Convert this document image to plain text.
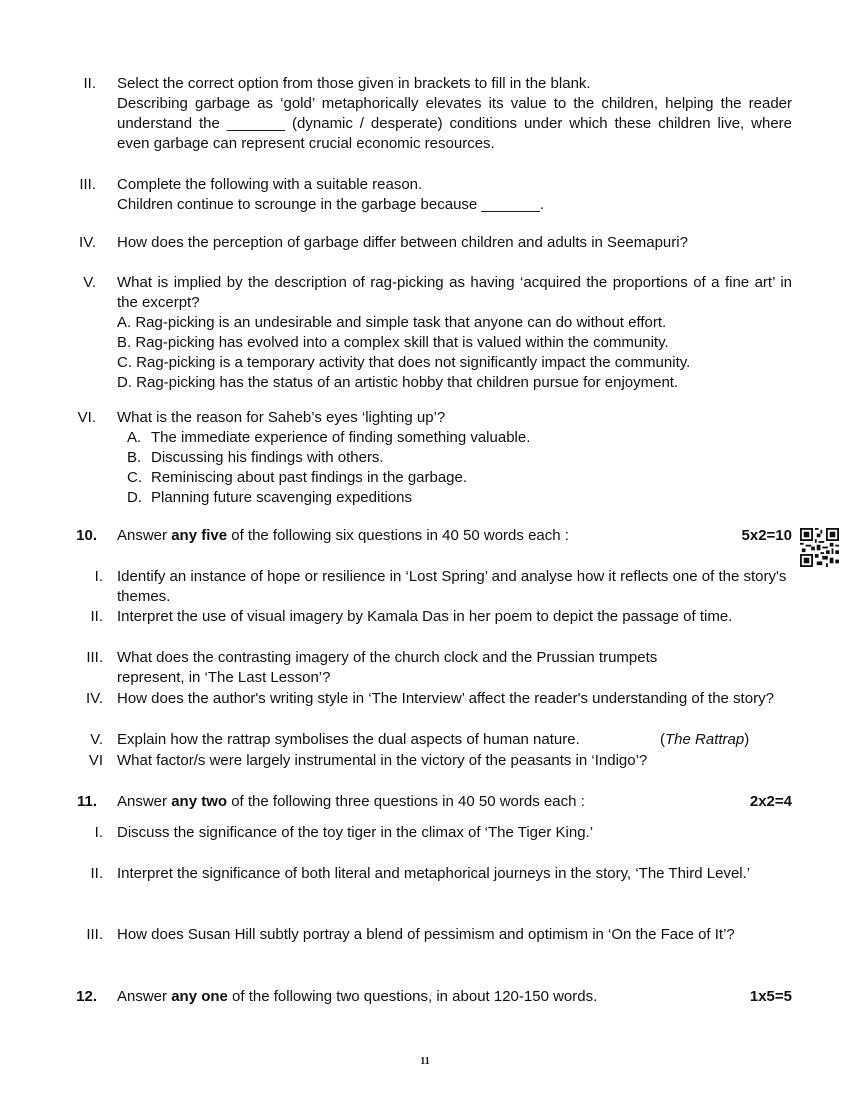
II. Select the correct option from those given in brackets to fill in the blank.
Describing garbage as ‘gold’ metaphorically elevates its value to the children, helping the reader understand the _______ (dynamic / desperate) conditions under which these children live, where even garbage can represent crucial economic resources.
III. Complete the following with a suitable reason.
Children continue to scrounge in the garbage because _______.
IV. How does the perception of garbage differ between children and adults in Seemapuri?
V. What is implied by the description of rag-picking as having ‘acquired the proportions of a fine art’ in the excerpt?
A. Rag-picking is an undesirable and simple task that anyone can do without effort.
B. Rag-picking has evolved into a complex skill that is valued within the community.
C. Rag-picking is a temporary activity that does not significantly impact the community.
D. Rag-picking has the status of an artistic hobby that children pursue for enjoyment.
VI. What is the reason for Saheb’s eyes ‘lighting up’?
A. The immediate experience of finding something valuable.
B. Discussing his findings with others.
C. Reminiscing about past findings in the garbage.
D. Planning future scavenging expeditions
10. Answer any five of the following six questions in 40 50 words each :	5x2=10
I. Identify an instance of hope or resilience in ‘Lost Spring’ and analyse how it reflects one of the story's themes.
II. Interpret the use of visual imagery by Kamala Das in her poem to depict the passage of time.
III. What does the contrasting imagery of the church clock and the Prussian trumpets represent, in ‘The Last Lesson’?
IV. How does the author's writing style in ‘The Interview’ affect the reader's understanding of the story?
V. Explain how the rattrap symbolises the dual aspects of human nature.	(The Rattrap)
VI What factor/s were largely instrumental in the victory of the peasants in ‘Indigo’?
11. Answer any two of the following three questions in 40 50 words each :	2x2=4
I. Discuss the significance of the toy tiger in the climax of ‘The Tiger King.’
II. Interpret the significance of both literal and metaphorical journeys in the story, ‘The Third Level.’
III. How does Susan Hill subtly portray a blend of pessimism and optimism in ‘On the Face of It’?
12. Answer any one of the following two questions, in about 120-150 words.	1x5=5
11
